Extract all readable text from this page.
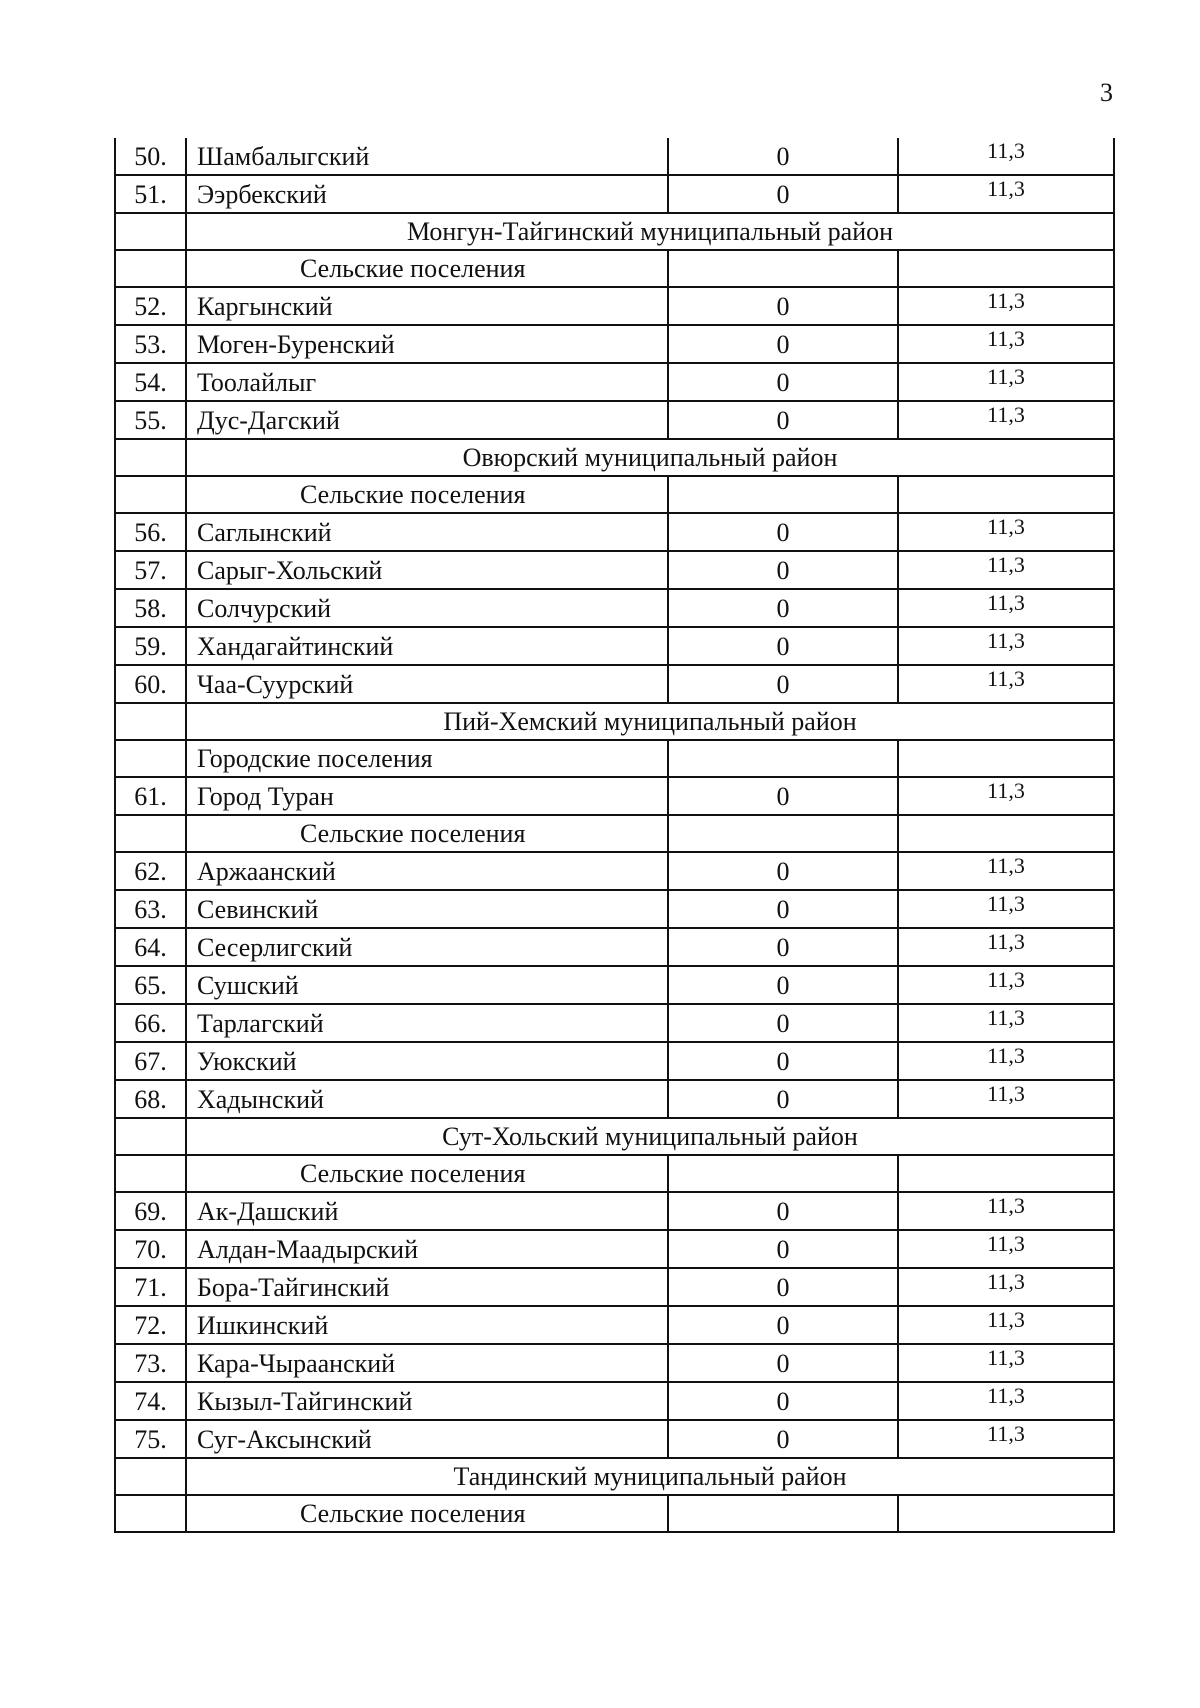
3
50.	Шамбалыгский	0	$^{11,3}$
51.	Ээрбекский	0	$^{11,3}$
	Монгун-Тайгинский муниципальный район		
	Сельские поселения		
52.	Каргынский	0	$^{11,3}$
53.	Моген-Буренский	0	$^{11,3}$
54.	Тоолайлыг	0	$^{11,3}$
55.	Дус-Дагский	0	$^{11,3}$
	Овюрский муниципальный район		
	Сельские поселения		
56.	Саглынский	0	$^{11,3}$
57.	Сарыг-Хольский	0	$^{11,3}$
58.	Солчурский	0	$^{11,3}$
59.	Хандагайтинский	0	$^{11,3}$
60.	Чаа-Суурский	0	$^{11,3}$
	Пий-Хемский муниципальный район		
	Городские поселения		
61.	Город Туран	0	$^{11,3}$
	Сельские поселения		
62.	Аржаанский	0	$^{11,3}$
63.	Севинский	0	$^{11,3}$
64.	Сесерлигский	0	$^{11,3}$
65.	Сушский	0	$^{11,3}$
66.	Тарлагский	0	$^{11,3}$
67.	Уюкский	0	$^{11,3}$
68.	Хадынский	0	$^{11,3}$
	Сут-Хольский муниципальный район		
	Сельские поселения		
69.	Ак-Дашский	0	$^{11,3}$
70.	Алдан-Маадырский	0	$^{11,3}$
71.	Бора-Тайгинский	0	$^{11,3}$
72.	Ишкинский	0	$^{11,3}$
73.	Кара-Чыраанский	0	$^{11,3}$
74.	Кызыл-Тайгинский	0	$^{11,3}$
75.	Суг-Аксынский	0	$^{11,3}$
	Тандинский муниципальный район		
	Сельские поселения		
